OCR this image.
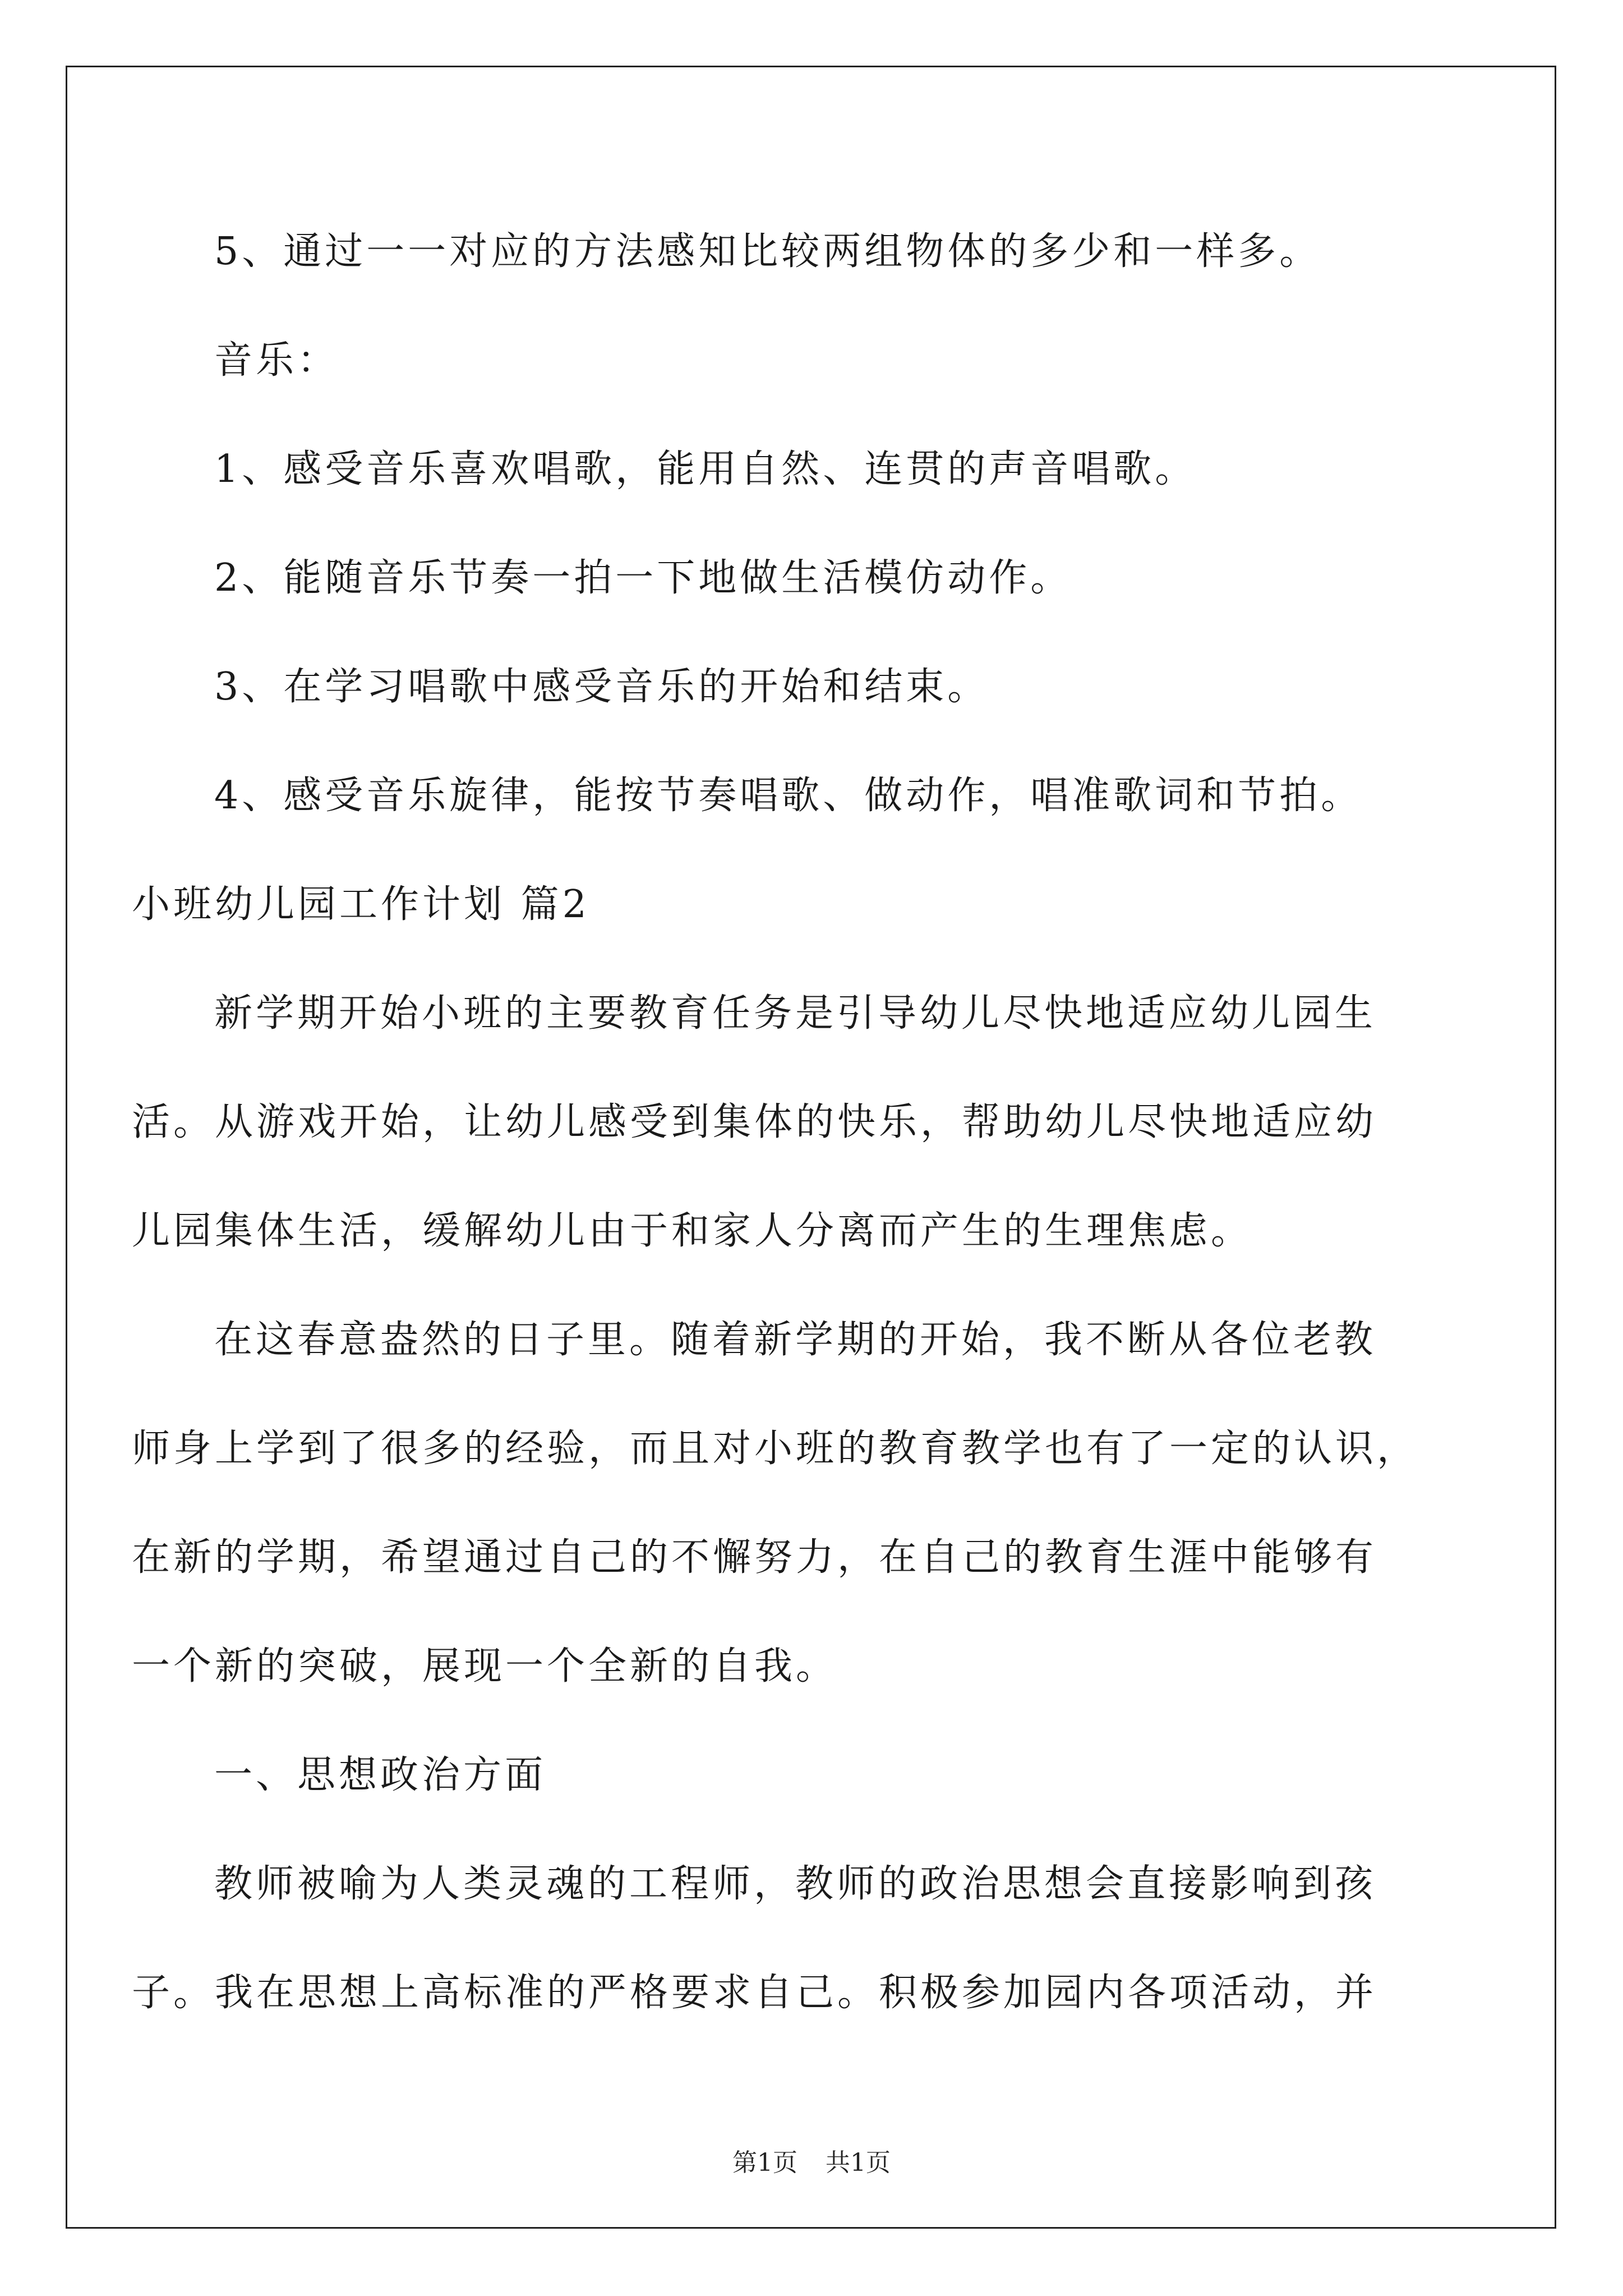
5、通过一一对应的方法感知比较两组物体的多少和一样多。
音乐：
1、感受音乐喜欢唱歌，能用自然、连贯的声音唱歌。
2、能随音乐节奏一拍一下地做生活模仿动作。
3、在学习唱歌中感受音乐的开始和结束。
4、感受音乐旋律，能按节奏唱歌、做动作，唱准歌词和节拍。
小班幼儿园工作计划 篇2
新学期开始小班的主要教育任务是引导幼儿尽快地适应幼儿园生
活。从游戏开始，让幼儿感受到集体的快乐，帮助幼儿尽快地适应幼
儿园集体生活，缓解幼儿由于和家人分离而产生的生理焦虑。
在这春意盎然的日子里。随着新学期的开始，我不断从各位老教
师身上学到了很多的经验，而且对小班的教育教学也有了一定的认识，
在新的学期，希望通过自己的不懈努力，在自己的教育生涯中能够有
一个新的突破，展现一个全新的自我。
一、思想政治方面
教师被喻为人类灵魂的工程师，教师的政治思想会直接影响到孩
子。我在思想上高标准的严格要求自己。积极参加园内各项活动，并
第1页 共1页
